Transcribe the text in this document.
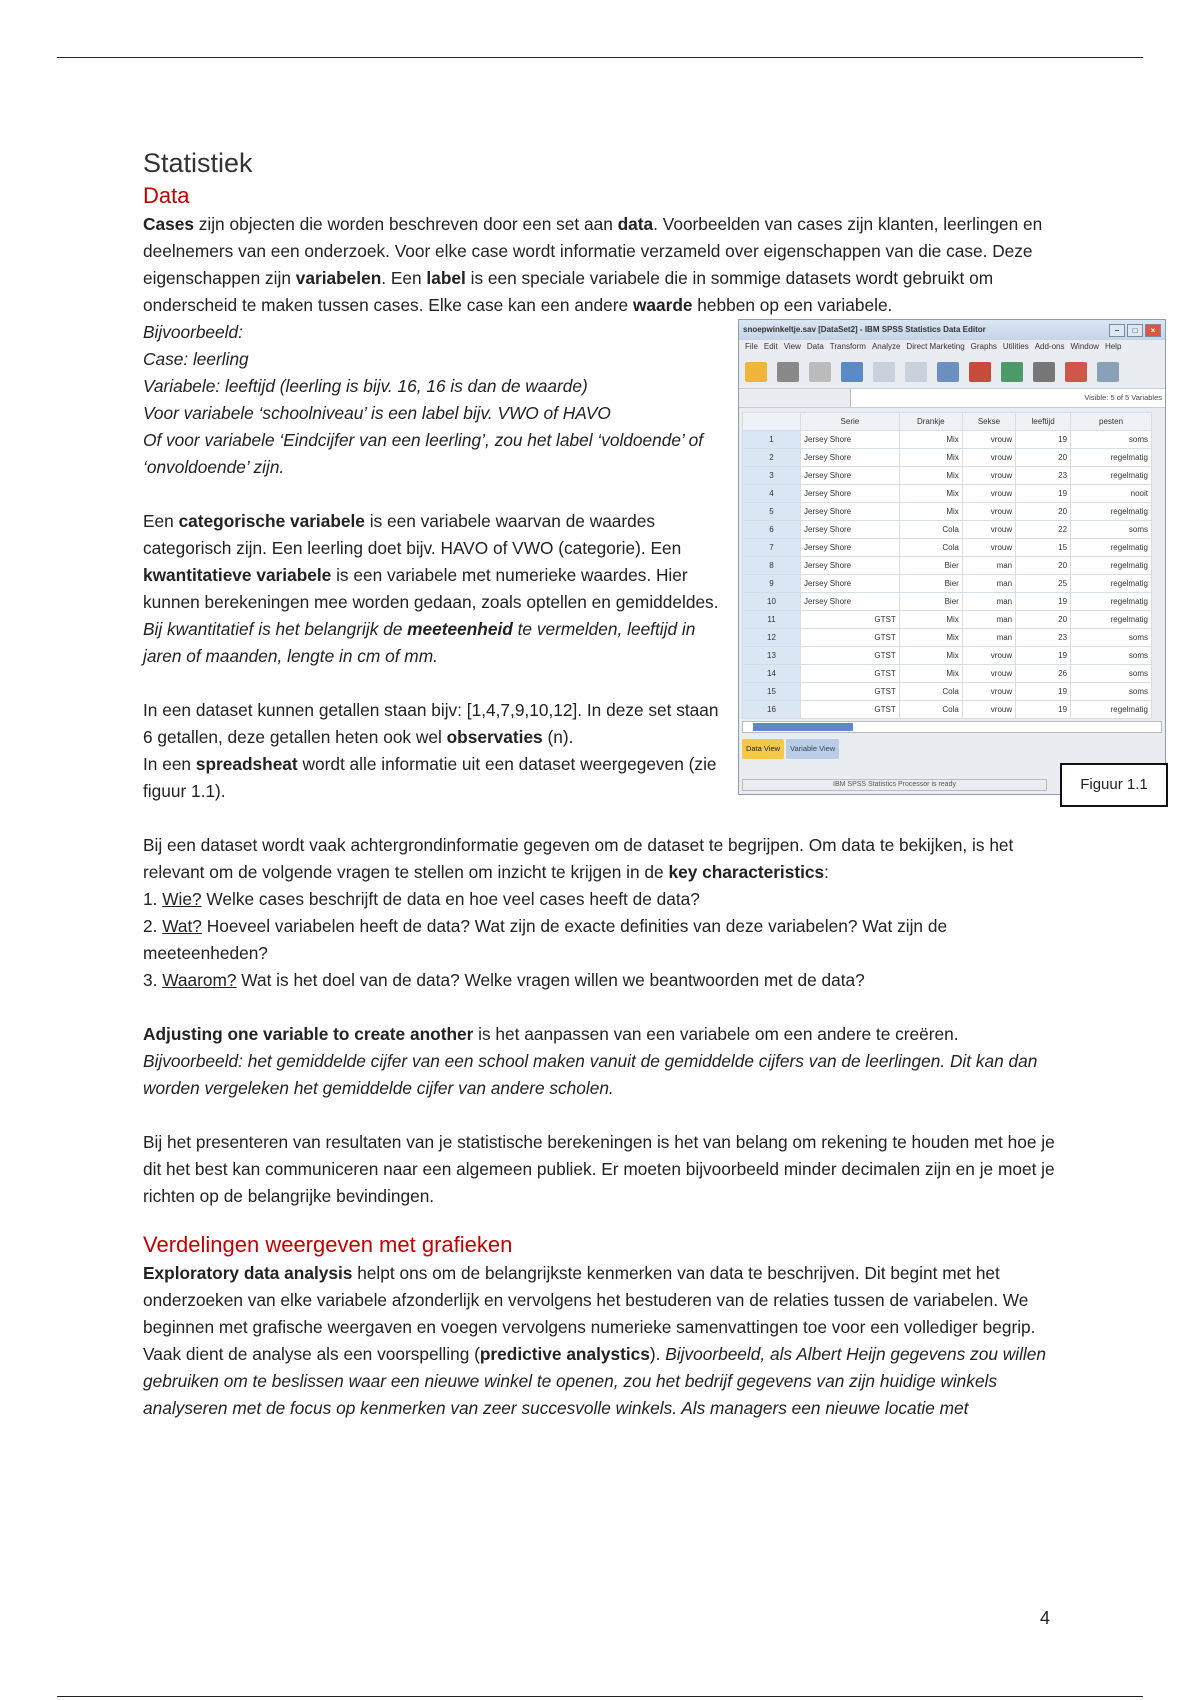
Statistiek
Data

Cases zijn objecten die worden beschreven door een set aan data. Voorbeelden van cases zijn klanten, leerlingen en deelnemers van een onderzoek. Voor elke case wordt informatie verzameld over eigenschappen van die case. Deze eigenschappen zijn variabelen. Een label is een speciale variabele die in sommige datasets wordt gebruikt om onderscheid te maken tussen cases. Elke case kan een andere waarde hebben op een variabele.

snoepwinkeltje.sav [DataSet2] - IBM SPSS Statistics Data Editor	–	□	×
File Edit View Data Transform Analyze Direct Marketing Graphs Utilities Add-ons Window Help
Visible: 5 of 5 Variables
	Serie	Drankje	Sekse	leeftijd	pesten
1	Jersey Shore	Mix	vrouw	19	soms
2	Jersey Shore	Mix	vrouw	20	regelmatig
3	Jersey Shore	Mix	vrouw	23	regelmatig
4	Jersey Shore	Mix	vrouw	19	nooit
5	Jersey Shore	Mix	vrouw	20	regelmatig
6	Jersey Shore	Cola	vrouw	22	soms
7	Jersey Shore	Cola	vrouw	15	regelmatig
8	Jersey Shore	Bier	man	20	regelmatig
9	Jersey Shore	Bier	man	25	regelmatig
10	Jersey Shore	Bier	man	19	regelmatig
11	GTST	Mix	man	20	regelmatig
12	GTST	Mix	man	23	soms
13	GTST	Mix	vrouw	19	soms
14	GTST	Mix	vrouw	26	soms
15	GTST	Cola	vrouw	19	soms
16	GTST	Cola	vrouw	19	regelmatig
Data View	Variable View
IBM SPSS Statistics Processor is ready	Figuur 1.1

Bijvoorbeeld:

Case: leerling

Variabele: leeftijd (leerling is bijv. 16, 16 is dan de waarde)

Voor variabele ‘schoolniveau’ is een label bijv. VWO of HAVO

Of voor variabele ‘Eindcijfer van een leerling’, zou het label ‘voldoende’ of ‘onvoldoende’ zijn.

Een categorische variabele is een variabele waarvan de waardes categorisch zijn. Een leerling doet bijv. HAVO of VWO (categorie). Een kwantitatieve variabele is een variabele met numerieke waardes. Hier kunnen berekeningen mee worden gedaan, zoals optellen en gemiddeldes. Bij kwantitatief is het belangrijk de meeteenheid te vermelden, leeftijd in jaren of maanden, lengte in cm of mm.

In een dataset kunnen getallen staan bijv: [1,4,7,9,10,12]. In deze set staan 6 getallen, deze getallen heten ook wel observaties (n).

In een spreadsheat wordt alle informatie uit een dataset weergegeven (zie figuur 1.1).

Bij een dataset wordt vaak achtergrondinformatie gegeven om de dataset te begrijpen. Om data te bekijken, is het relevant om de volgende vragen te stellen om inzicht te krijgen in de key characteristics:

1. Wie? Welke cases beschrijft de data en hoe veel cases heeft de data?

2. Wat? Hoeveel variabelen heeft de data? Wat zijn de exacte definities van deze variabelen? Wat zijn de meeteenheden?

3. Waarom? Wat is het doel van de data? Welke vragen willen we beantwoorden met de data?

Adjusting one variable to create another is het aanpassen van een variabele om een andere te creëren. Bijvoorbeeld: het gemiddelde cijfer van een school maken vanuit de gemiddelde cijfers van de leerlingen. Dit kan dan worden vergeleken het gemiddelde cijfer van andere scholen.

Bij het presenteren van resultaten van je statistische berekeningen is het van belang om rekening te houden met hoe je dit het best kan communiceren naar een algemeen publiek. Er moeten bijvoorbeeld minder decimalen zijn en je moet je richten op de belangrijke bevindingen.

Verdelingen weergeven met grafieken

Exploratory data analysis helpt ons om de belangrijkste kenmerken van data te beschrijven. Dit begint met het onderzoeken van elke variabele afzonderlijk en vervolgens het bestuderen van de relaties tussen de variabelen. We beginnen met grafische weergaven en voegen vervolgens numerieke samenvattingen toe voor een vollediger begrip. Vaak dient de analyse als een voorspelling (predictive analystics). Bijvoorbeeld, als Albert Heijn gegevens zou willen gebruiken om te beslissen waar een nieuwe winkel te openen, zou het bedrijf gegevens van zijn huidige winkels analyseren met de focus op kenmerken van zeer succesvolle winkels. Als managers een nieuwe locatie met

4
